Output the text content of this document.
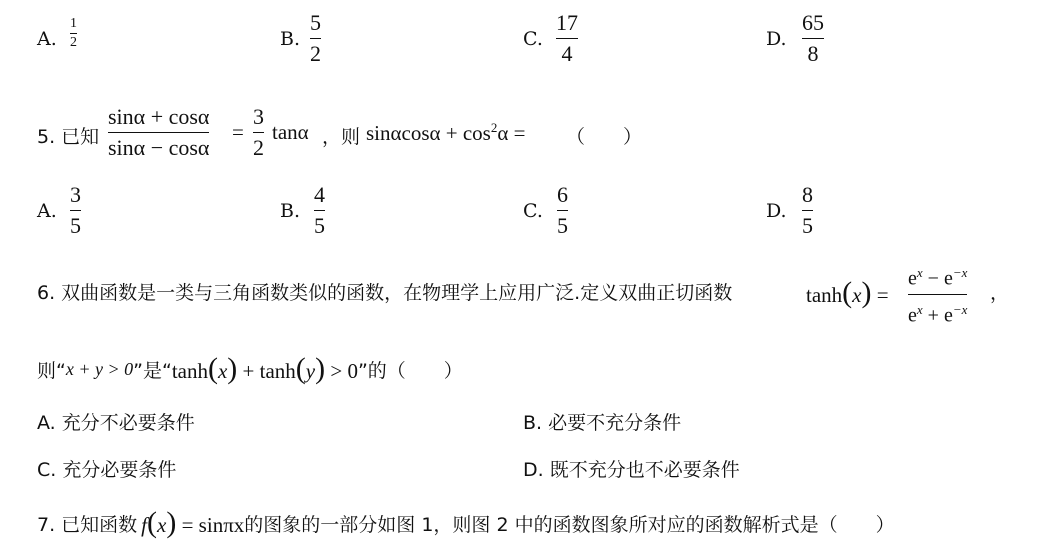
A.
1
2	B.
5
2
C.
17
4
D.
65
8
5. 已知
sinα + cosα
sinα − cosα
=
3
2
tanα ，则 $\sin\alpha\cos\alpha + \cos^2\alpha$ = （　　）
A.
3
5
B.
4
5
C.
6
5
D.
8
5
6. 双曲函数是一类与三角函数类似的函数，在物理学上应用广泛.定义双曲正切函数	tanh(x) =
$e^x - e^{-x}$
$e^x + e^{-x}$
，
则“ x + y > 0 ”是“ tanh(x) + tanh(y) > 0 ”的（　　）
A. 充分不必要条件	B. 必要不充分条件
C. 充分必要条件	D. 既不充分也不必要条件
7. 已知函数 f(x) = sinπx 的图象的一部分如图 1，则图 2 中的函数图象所对应的函数解析式是（　　）
